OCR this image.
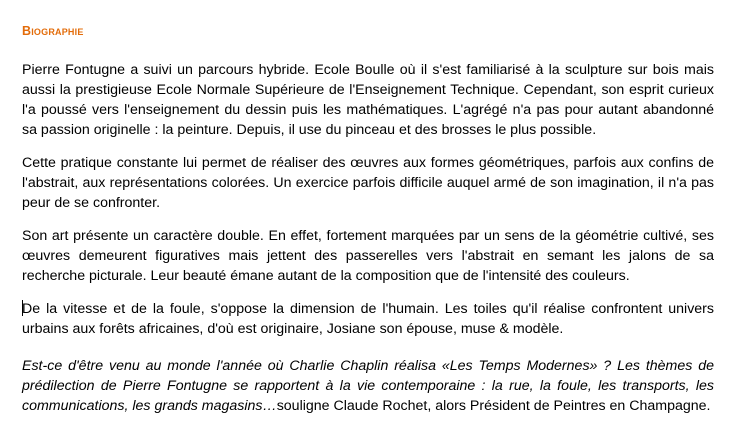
Biographie

Pierre Fontugne a suivi un parcours hybride. Ecole Boulle où il s'est familiarisé à la sculpture sur bois mais aussi la prestigieuse Ecole Normale Supérieure de l'Enseignement Technique. Cependant, son esprit curieux l'a poussé vers l'enseignement du dessin puis les mathématiques. L'agrégé n'a pas pour autant abandonné sa passion originelle : la peinture. Depuis, il use du pinceau et des brosses le plus possible.

Cette pratique constante lui permet de réaliser des œuvres aux formes géométriques, parfois aux confins de l'abstrait, aux représentations colorées. Un exercice parfois difficile auquel armé de son imagination, il n'a pas peur de se confronter.

Son art présente un caractère double. En effet, fortement marquées par un sens de la géométrie cultivé, ses œuvres demeurent figuratives mais jettent des passerelles vers l'abstrait en semant les jalons de sa recherche picturale. Leur beauté émane autant de la composition que de l'intensité des couleurs.

De la vitesse et de la foule, s'oppose la dimension de l'humain. Les toiles qu'il réalise confrontent univers urbains aux forêts africaines, d'où est originaire, Josiane son épouse, muse & modèle.

Est-ce d'être venu au monde l'année où Charlie Chaplin réalisa «Les Temps Modernes» ? Les thèmes de prédilection de Pierre Fontugne se rapportent à la vie contemporaine : la rue, la foule, les transports, les communications, les grands magasins…souligne Claude Rochet, alors Président de Peintres en Champagne.
